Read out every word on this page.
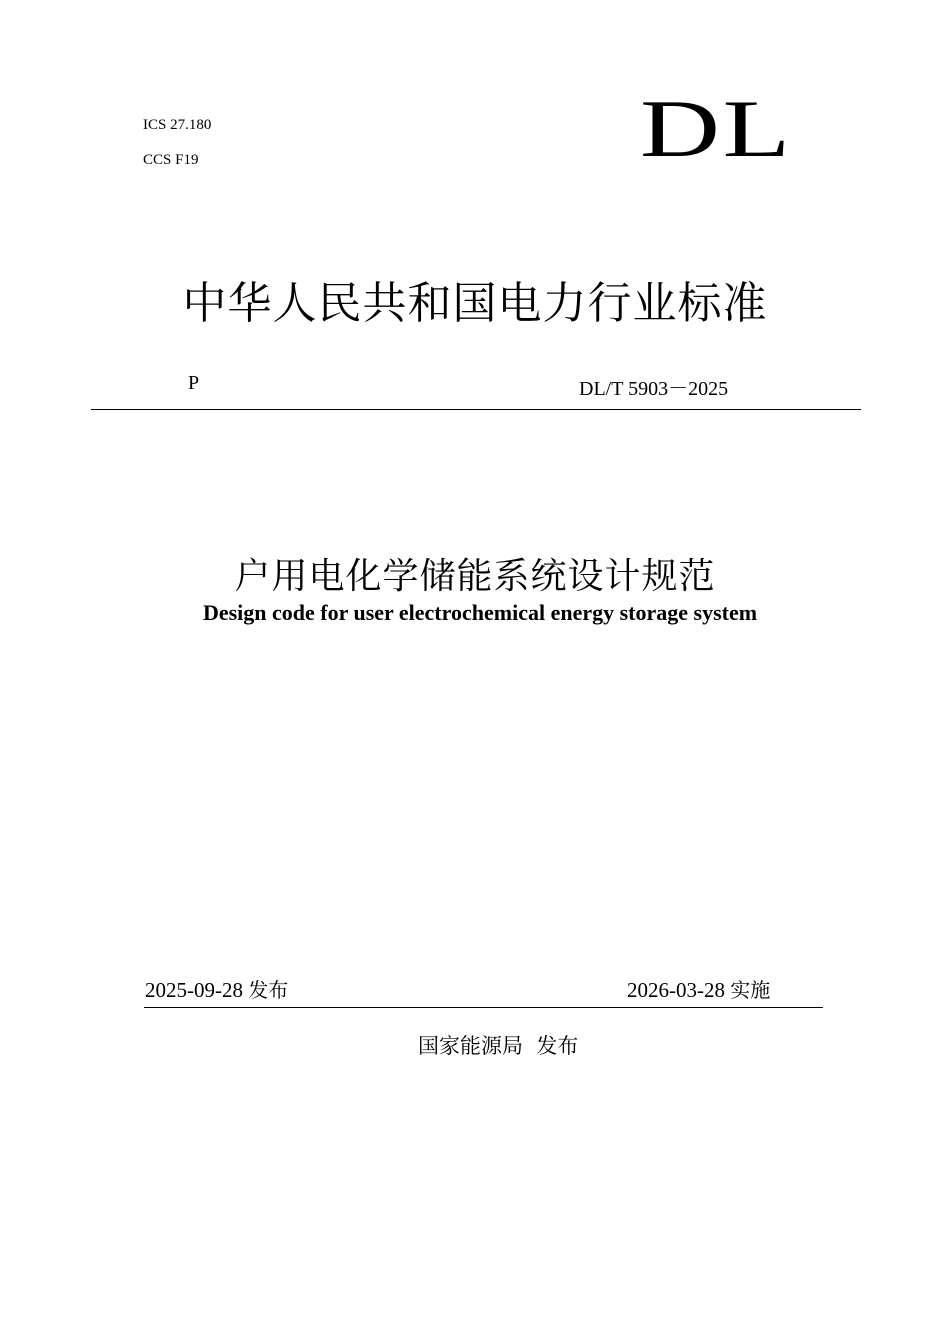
ICS 27.180
CCS F19	DL
中华人民共和国电力行业标准
P	DL/T 5903－2025
户用电化学储能系统设计规范
Design code for user electrochemical energy storage system
2025-09-28 发布	2026-03-28 实施
国家能源局  发布
